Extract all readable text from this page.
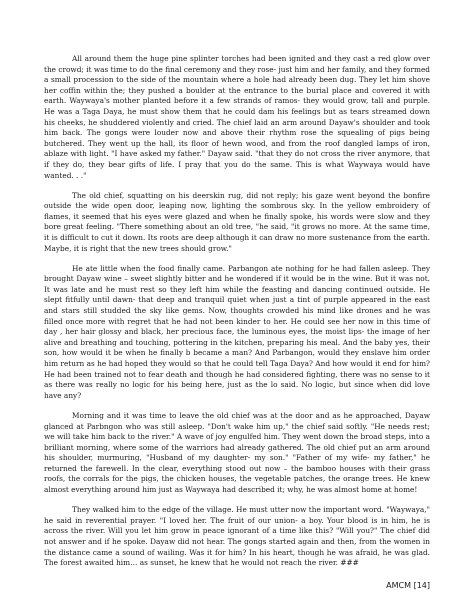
All around them the huge pine splinter torches had been ignited and they cast a red glow over the crowd; it was time to do the final ceremony and they rose- just him and her family, and they formed a small procession to the side of the mountain where a hole had already been dug. They let him shove her coffin within the; they pushed a boulder at the entrance to the burial place and covered it with earth. Waywaya's mother planted before it a few strands of ramos- they would grow, tall and purple. He was a Taga Daya, he must show them that he could dam his feelings but as tears streamed down his cheeks, he shuddered violently and cried. The chief laid an arm around Dayaw's shoulder and took him back. The gongs were louder now and above their rhythm rose the squealing of pigs being butchered. They went up the hall, its floor of hewn wood, and from the roof dangled lamps of iron, ablaze with light. "I have asked my father." Dayaw said. "that they do not cross the river anymore, that if they do, they bear gifts of life. I pray that you do the same. This is what Waywaya would have wanted. . ."

The old chief, squatting on his deerskin rug, did not reply; his gaze went beyond the bonfire outside the wide open door, leaping now, lighting the sombrous sky. In the yellow embroidery of flames, it seemed that his eyes were glazed and when he finally spoke, his words were slow and they bore great feeling. "There something about an old tree, "he said, "it grows no more. At the same time, it is difficult to cut it down. Its roots are deep although it can draw no more sustenance from the earth. Maybe, it is right that the new trees should grow."

He ate little when the food finally came. Parbangon ate nothing for he had fallen asleep. They brought Dayaw wine – sweet slightly bitter and he wondered if it would be in the wine. But it was not. It was late and he must rest so they left him while the feasting and dancing continued outside. He slept fitfully until dawn- that deep and tranquil quiet when just a tint of purple appeared in the east and stars still studded the sky like gems. Now, thoughts crowded his mind like drones and he was filled once more with regret that he had not been kinder to her. He could see her now in this time of day , her hair glossy and black, her precious face, the luminous eyes, the moist lips- the image of her alive and breathing and touching, pottering in the kitchen, preparing his meal. And the baby yes, their son, how would it be when he finally b became a man? And Parbangon, would they enslave him order him return as he had hoped they would so that he could tell Taga Daya? And how would it end for him? He had been trained not to fear death and though he had considered fighting, there was no sense to it as there was really no logic for his being here, just as the lo said. No logic, but since when did love have any?

Morning and it was time to leave the old chief was at the door and as he approached, Dayaw glanced at Parbngon who was still asleep. "Don't wake him up," the chief said softly. "He needs rest; we will take him back to the river." A wave of joy engulfed him. They went down the broad steps, into a brilliant morning, where some of the warriors had already gathered. The old chief put an arm around his shoulder, murmuring, "Husband of my daughter- my son." "Father of my wife- my father," he returned the farewell. In the clear, everything stood out now – the bamboo houses with their grass roofs, the corrals for the pigs, the chicken houses, the vegetable patches, the orange trees. He knew almost everything around him just as Waywaya had described it; why, he was almost home at home!

They walked him to the edge of the village. He must utter now the important word. "Waywaya," he said in reverential prayer. "I loved her. The fruit of our union- a boy. Your blood is in him, he is across the river. Will you let him grow in peace ignorant of a time like this? "Will you?" The chief did not answer and if he spoke. Dayaw did not hear. The gongs started again and then, from the women in the distance came a sound of wailing. Was it for him? In his heart, though he was afraid, he was glad. The forest awaited him… as sunset, he knew that he would not reach the river. ###

AMCM [14]
